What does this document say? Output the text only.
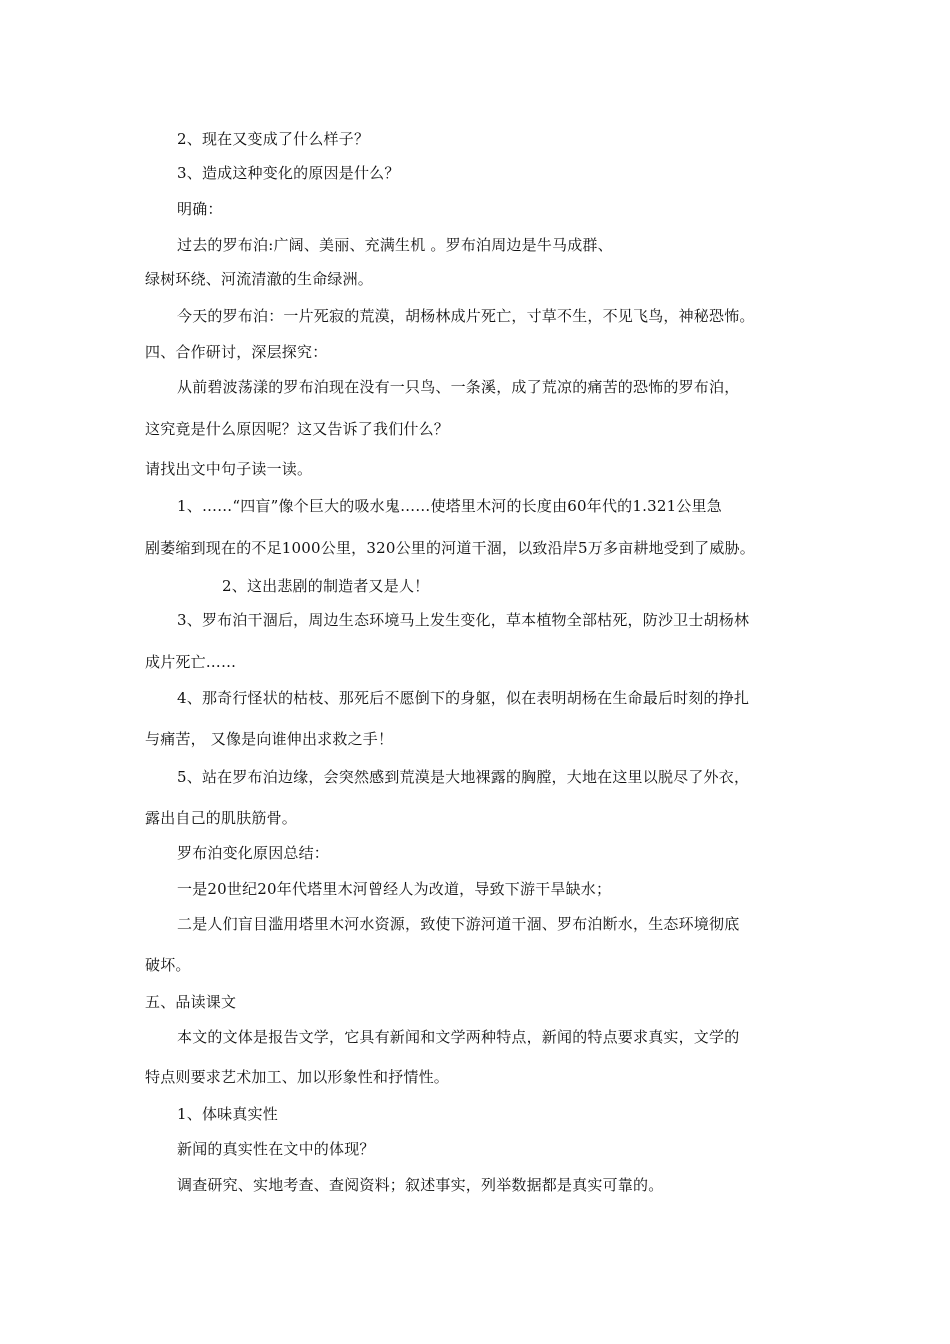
2、现在又变成了什么样子？
3、造成这种变化的原因是什么？
明确：
过去的罗布泊:广阔、美丽、充满生机 。罗布泊周边是牛马成群、
绿树环绕、河流清澈的生命绿洲。
今天的罗布泊：一片死寂的荒漠，胡杨林成片死亡，寸草不生，不见飞鸟，神秘恐怖。
四、合作研讨，深层探究：
从前碧波荡漾的罗布泊现在没有一只鸟、一条溪，成了荒凉的痛苦的恐怖的罗布泊，
这究竟是什么原因呢？这又告诉了我们什么？
请找出文中句子读一读。
1、……“四盲”像个巨大的吸水鬼……使塔里木河的长度由60年代的1.321公里急
剧萎缩到现在的不足1000公里，320公里的河道干涸，以致沿岸5万多亩耕地受到了威胁。
2、这出悲剧的制造者又是人！
3、罗布泊干涸后，周边生态环境马上发生变化，草本植物全部枯死，防沙卫士胡杨林
成片死亡……
4、那奇行怪状的枯枝、那死后不愿倒下的身躯，似在表明胡杨在生命最后时刻的挣扎
与痛苦， 又像是向谁伸出求救之手！
5、站在罗布泊边缘，会突然感到荒漠是大地裸露的胸膛，大地在这里以脱尽了外衣，
露出自己的肌肤筋骨。
罗布泊变化原因总结：
一是20世纪20年代塔里木河曾经人为改道，导致下游干旱缺水；
二是人们盲目滥用塔里木河水资源，致使下游河道干涸、罗布泊断水，生态环境彻底
破坏。
五、品读课文
本文的文体是报告文学，它具有新闻和文学两种特点，新闻的特点要求真实，文学的
特点则要求艺术加工、加以形象性和抒情性。
1、体味真实性
新闻的真实性在文中的体现？
调查研究、实地考查、查阅资料；叙述事实，列举数据都是真实可靠的。
